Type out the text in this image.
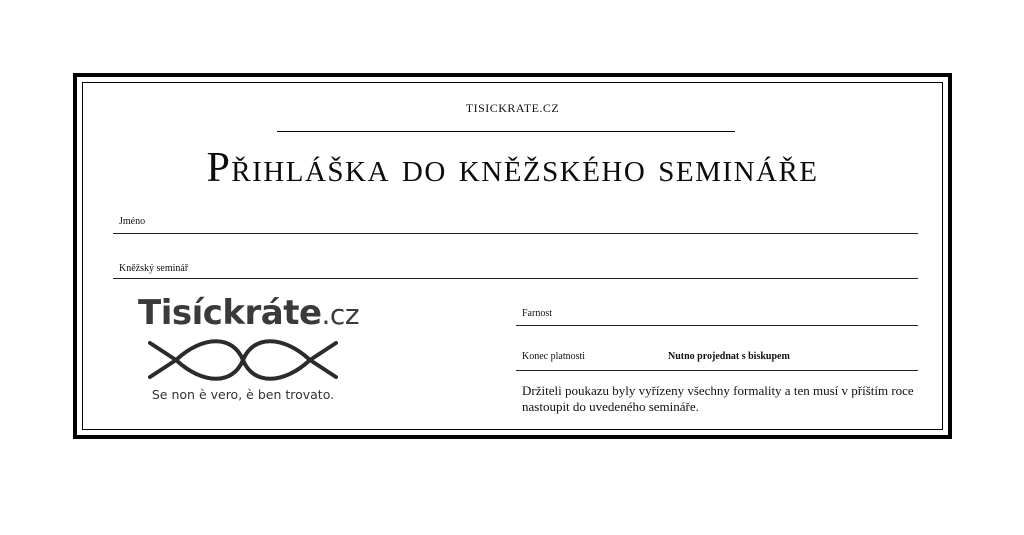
TISICKRATE.CZ
Přihláška do kněžského semináře
Jméno
Kněžský seminář
Tisíckráte.cz
Se non è vero, è ben trovato.
Farnost
Konec platnosti	Nutno projednat s biskupem
Držiteli poukazu byly vyřízeny všechny formality a ten musí v příštím roce nastoupit do uvedeného semináře.
